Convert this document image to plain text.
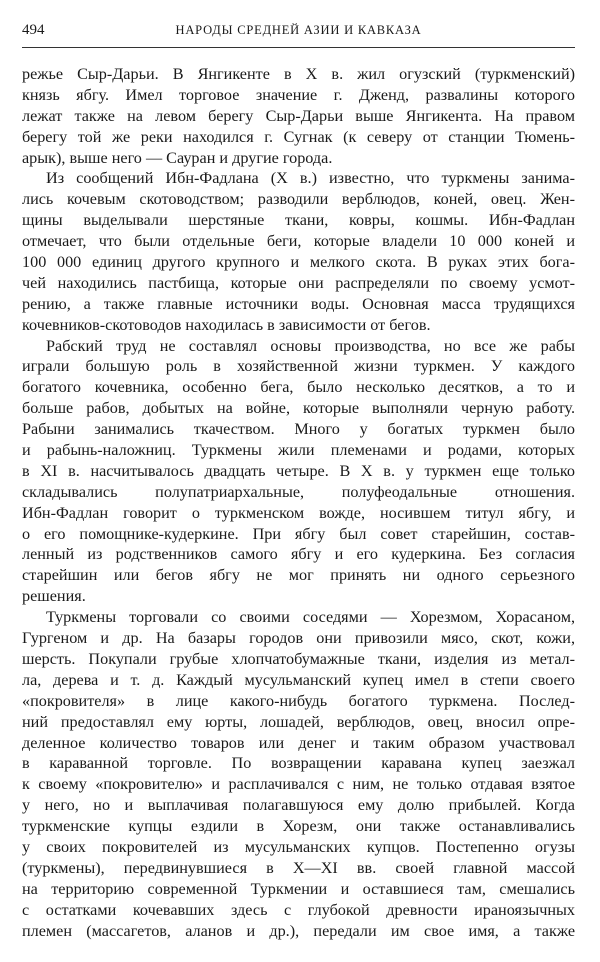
494	НАРОДЫ СРЕДНЕЙ АЗИИ И КАВКАЗА
режье Сыр-Дарьи. В Янгикенте в X в. жил огузский (туркменский)
князь ябгу. Имел торговое значение г. Дженд, развалины которого
лежат также на левом берегу Сыр-Дарьи выше Янгикента. На правом
берегу той же реки находился г. Сугнак (к северу от станции Тюмень-
арык), выше него — Сауран и другие города.
Из сообщений Ибн-Фадлана (X в.) известно, что туркмены занима-
лись кочевым скотоводством; разводили верблюдов, коней, овец. Жен-
щины выделывали шерстяные ткани, ковры, кошмы. Ибн-Фадлан
отмечает, что были отдельные беги, которые владели 10 000 коней и
100 000 единиц другого крупного и мелкого скота. В руках этих бога-
чей находились пастбища, которые они распределяли по своему усмот-
рению, а также главные источники воды. Основная масса трудящихся
кочевников-скотоводов находилась в зависимости от бегов.
Рабский труд не составлял основы производства, но все же рабы
играли большую роль в хозяйственной жизни туркмен. У каждого
богатого кочевника, особенно бега, было несколько десятков, а то и
больше рабов, добытых на войне, которые выполняли черную работу.
Рабыни занимались ткачеством. Много у богатых туркмен было
и рабынь-наложниц. Туркмены жили племенами и родами, которых
в XI в. насчитывалось двадцать четыре. В X в. у туркмен еще только
складывались полупатриархальные, полуфеодальные отношения.
Ибн-Фадлан говорит о туркменском вожде, носившем титул ябгу, и
о его помощнике-кудеркине. При ябгу был совет старейшин, состав-
ленный из родственников самого ябгу и его кудеркина. Без согласия
старейшин или бегов ябгу не мог принять ни одного серьезного
решения.
Туркмены торговали со своими соседями — Хорезмом, Хорасаном,
Гургеном и др. На базары городов они привозили мясо, скот, кожи,
шерсть. Покупали грубые хлопчатобумажные ткани, изделия из метал-
ла, дерева и т. д. Каждый мусульманский купец имел в степи своего
«покровителя» в лице какого-нибудь богатого туркмена. Послед-
ний предоставлял ему юрты, лошадей, верблюдов, овец, вносил опре-
деленное количество товаров или денег и таким образом участвовал
в караванной торговле. По возвращении каравана купец заезжал
к своему «покровителю» и расплачивался с ним, не только отдавая взятое
у него, но и выплачивая полагавшуюся ему долю прибылей. Когда
туркменские купцы ездили в Хорезм, они также останавливались
у своих покровителей из мусульманских купцов. Постепенно огузы
(туркмены), передвинувшиеся в X—XI вв. своей главной массой
на территорию современной Туркмении и оставшиеся там, смешались
с остатками кочевавших здесь с глубокой древности ираноязычных
племен (массагетов, аланов и др.), передали им свое имя, а также
